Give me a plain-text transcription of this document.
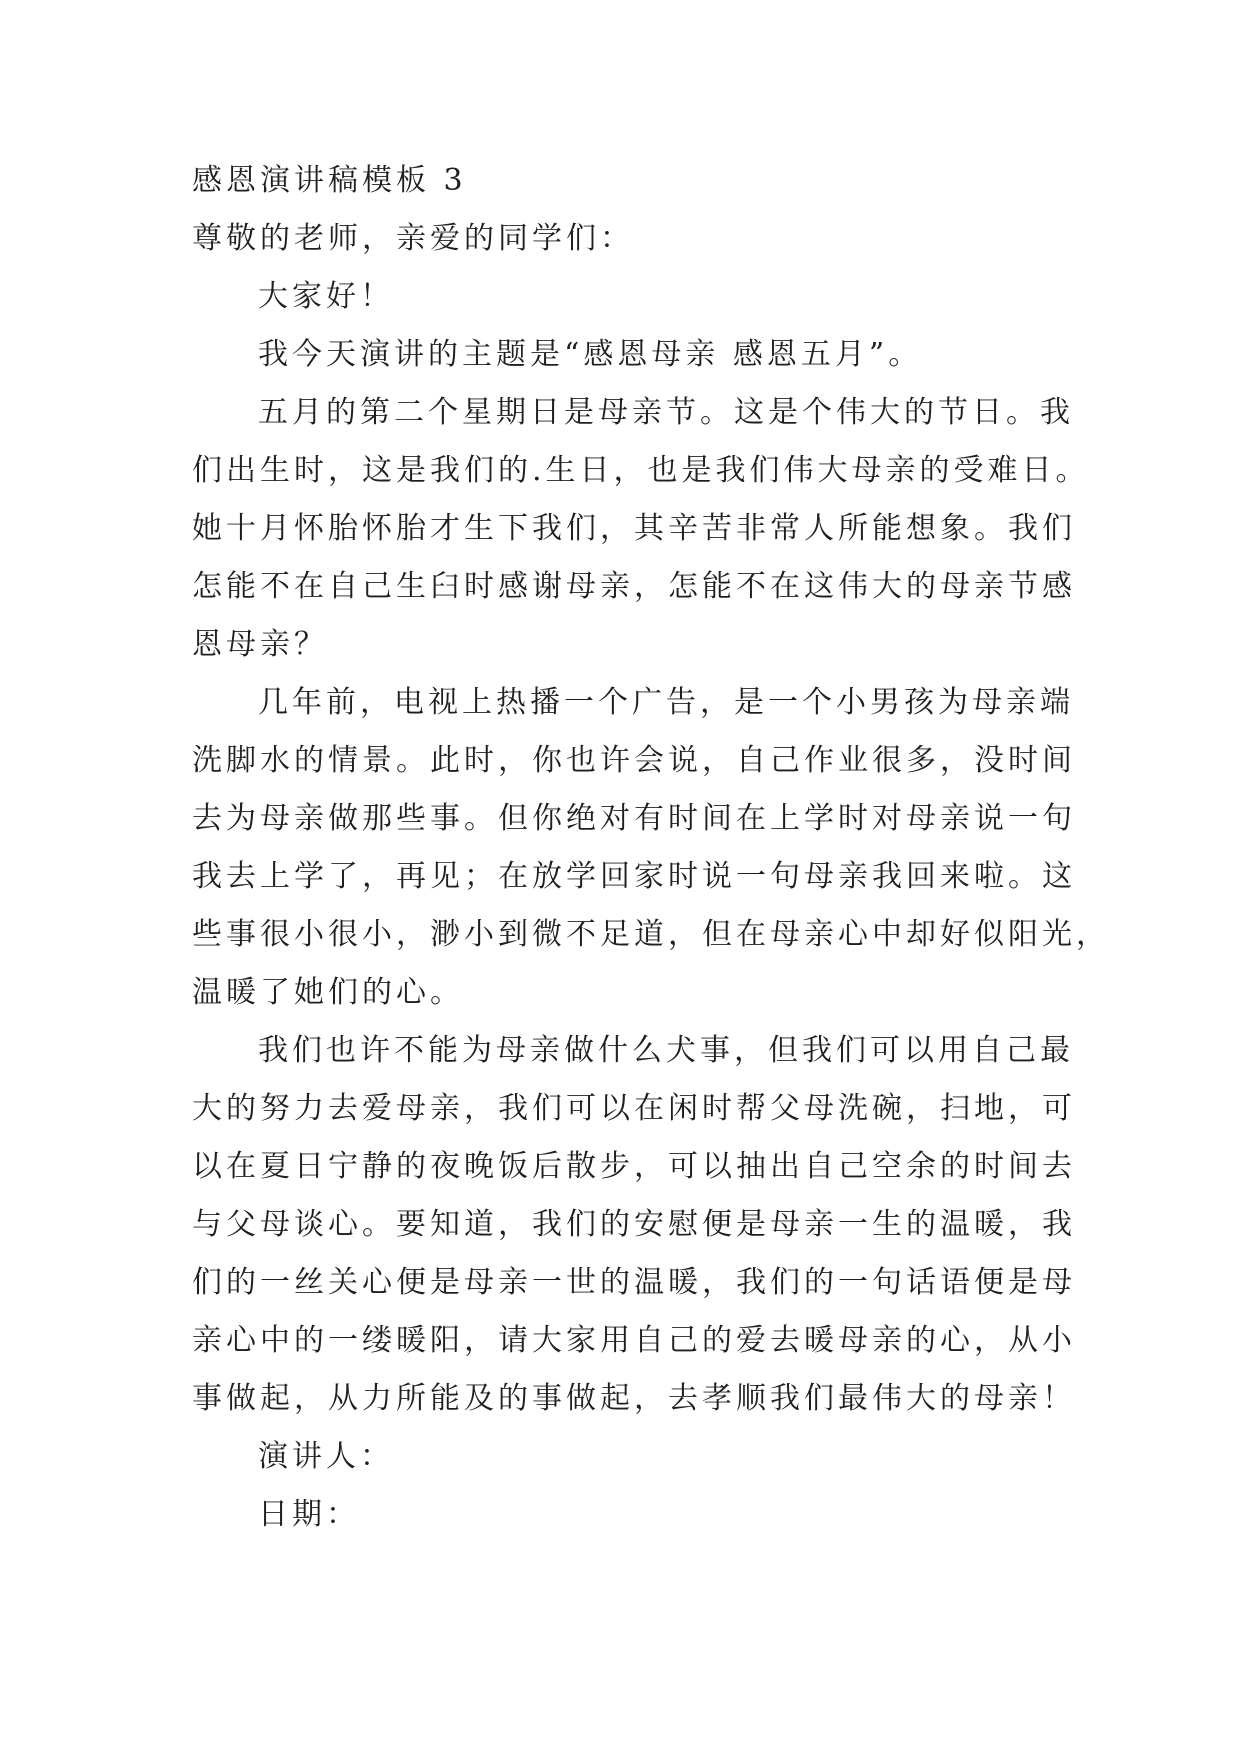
感恩演讲稿模板 3

尊敬的老师，亲爱的同学们：

大家好！

我今天演讲的主题是“感恩母亲 感恩五月”。

五月的第二个星期日是母亲节。这是个伟大的节日。我

们出生时，这是我们的.生日，也是我们伟大母亲的受难日。

她十月怀胎怀胎才生下我们，其辛苦非常人所能想象。我们

怎能不在自己生臼时感谢母亲，怎能不在这伟大的母亲节感

恩母亲？

几年前，电视上热播一个广告，是一个小男孩为母亲端

洗脚水的情景。此时，你也许会说，自己作业很多，没时间

去为母亲做那些事。但你绝对有时间在上学时对母亲说一句

我去上学了，再见；在放学回家时说一句母亲我回来啦。这

些事很小很小，渺小到微不足道，但在母亲心中却好似阳光，

温暖了她们的心。

我们也许不能为母亲做什么犬事，但我们可以用自己最

大的努力去爱母亲，我们可以在闲时帮父母洗碗，扫地，可

以在夏日宁静的夜晚饭后散步，可以抽出自己空余的时间去

与父母谈心。要知道，我们的安慰便是母亲一生的温暖，我

们的一丝关心便是母亲一世的温暖，我们的一句话语便是母

亲心中的一缕暖阳，请大家用自己的爱去暖母亲的心，从小

事做起，从力所能及的事做起，去孝顺我们最伟大的母亲！

演讲人：

日期：
